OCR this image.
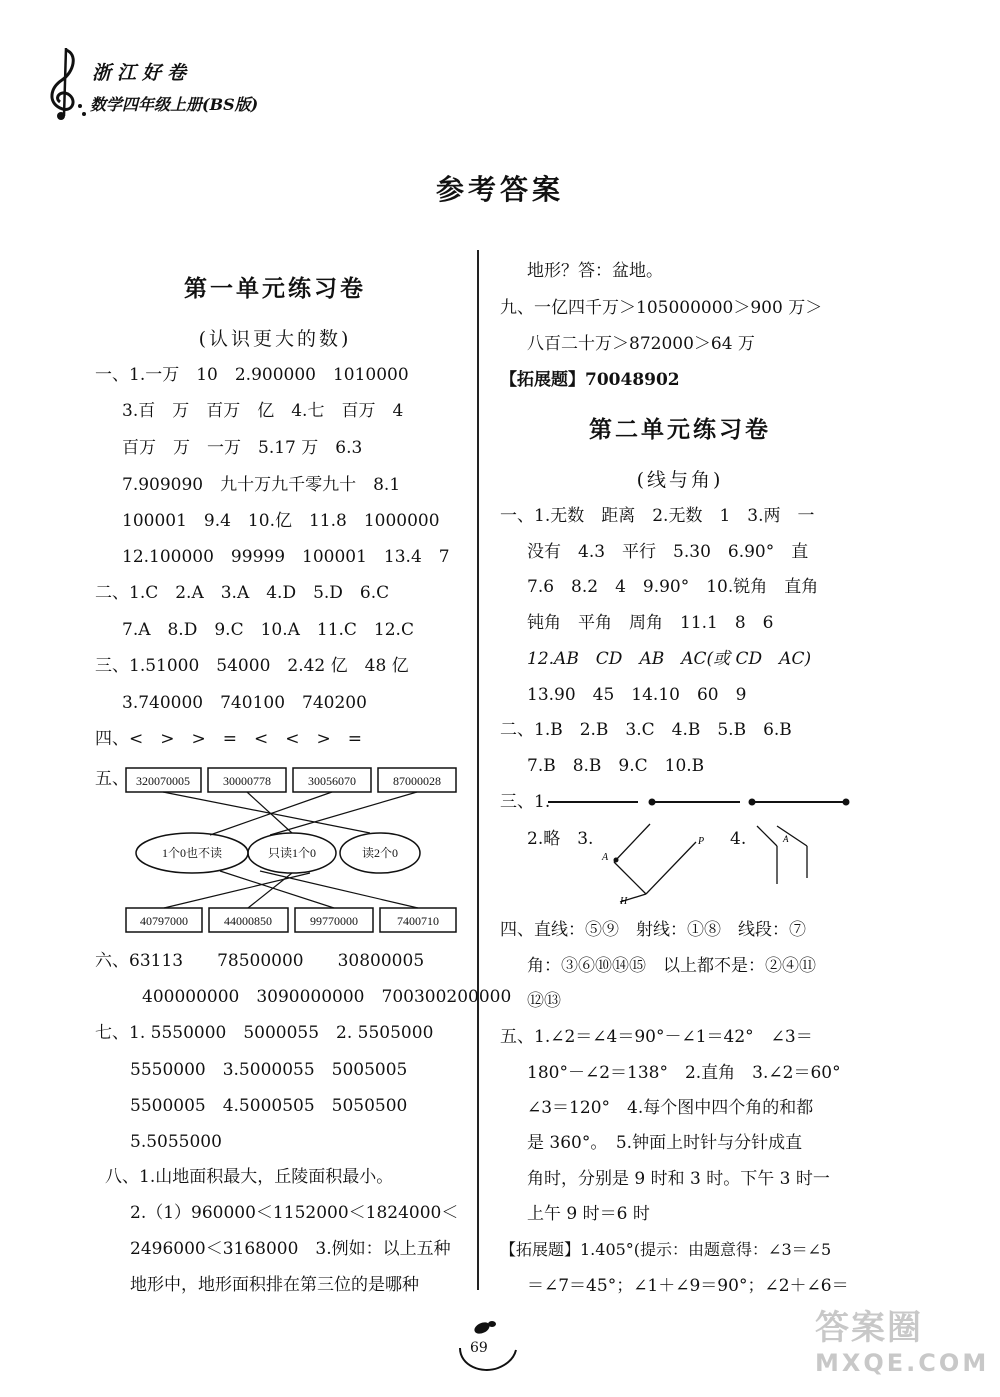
浙江好卷
数学四年级上册(BS版)
参考答案
第一单元练习卷
(认识更大的数)
一、1.一万　10　2.900000　1010000
3.百　万　百万　亿　4.七　百万　4
百万　万　一万　5.17 万　6.3
7.909090　九十万九千零九十　8.1
100001　9.4　10.亿　11.8　1000000
12.100000　99999　100001　13.4　7
二、1.C　2.A　3.A　4.D　5.D　6.C
7.A　8.D　9.C　10.A　11.C　12.C
三、1.51000　54000　2.42 亿　48 亿
3.740000　740100　740200
四、<　>　>　=　<　<　>　=
五、 320070005	30000778	30056070	87000028
1个0也不读	只读1个0	读2个0
40797000	44000850	99770000	7400710
六、63113　　78500000　　30800005
400000000　3090000000　700300200000
七、1. 5550000　5000055　2. 5505000
5550000　3.5000055　5005005
5500005　4.5000505　5050500
5.5055000
八、1.山地面积最大，丘陵面积最小。
2.（1）960000＜1152000＜1824000＜
2496000＜3168000　3.例如：以上五种
地形中，地形面积排在第三位的是哪种
地形？答：盆地。
九、一亿四千万＞105000000＞900 万＞
八百二十万＞872000＞64 万
【拓展题】70048902
第二单元练习卷
(线与角)
一、1.无数　距离　2.无数　1　3.两　一
没有　4.3　平行　5.30　6.90°　直
7.6　8.2　4　9.90°　10.锐角　直角
钝角　平角　周角　11.1　8　6
12.AB　CD　AB　AC(或 CD　AC)
13.90　45　14.10　60　9
二、1.B　2.B　3.C　4.B　5.B　6.B
7.B　8.B　9.C　10.B
三、1.
2.略　3.
A
P
H
4.	A
四、直线：⑤⑨　射线：①⑧　线段：⑦
角：③⑥⑩⑭⑮　以上都不是：②④⑪
⑫⑬
五、1.∠2＝∠4＝90°－∠1＝42°　∠3＝
180°－∠2＝138°　2.直角　3.∠2＝60°
∠3＝120°　4.每个图中四个角的和都
是 360°。　5.钟面上时针与分针成直
角时，分别是 9 时和 3 时。下午 3 时一
上午 9 时＝6 时
【拓展题】1.405°(提示：由题意得：∠3＝∠5
＝∠7＝45°；∠1＋∠9＝90°；∠2＋∠6＝
69	答案圈
MXQE.COM
